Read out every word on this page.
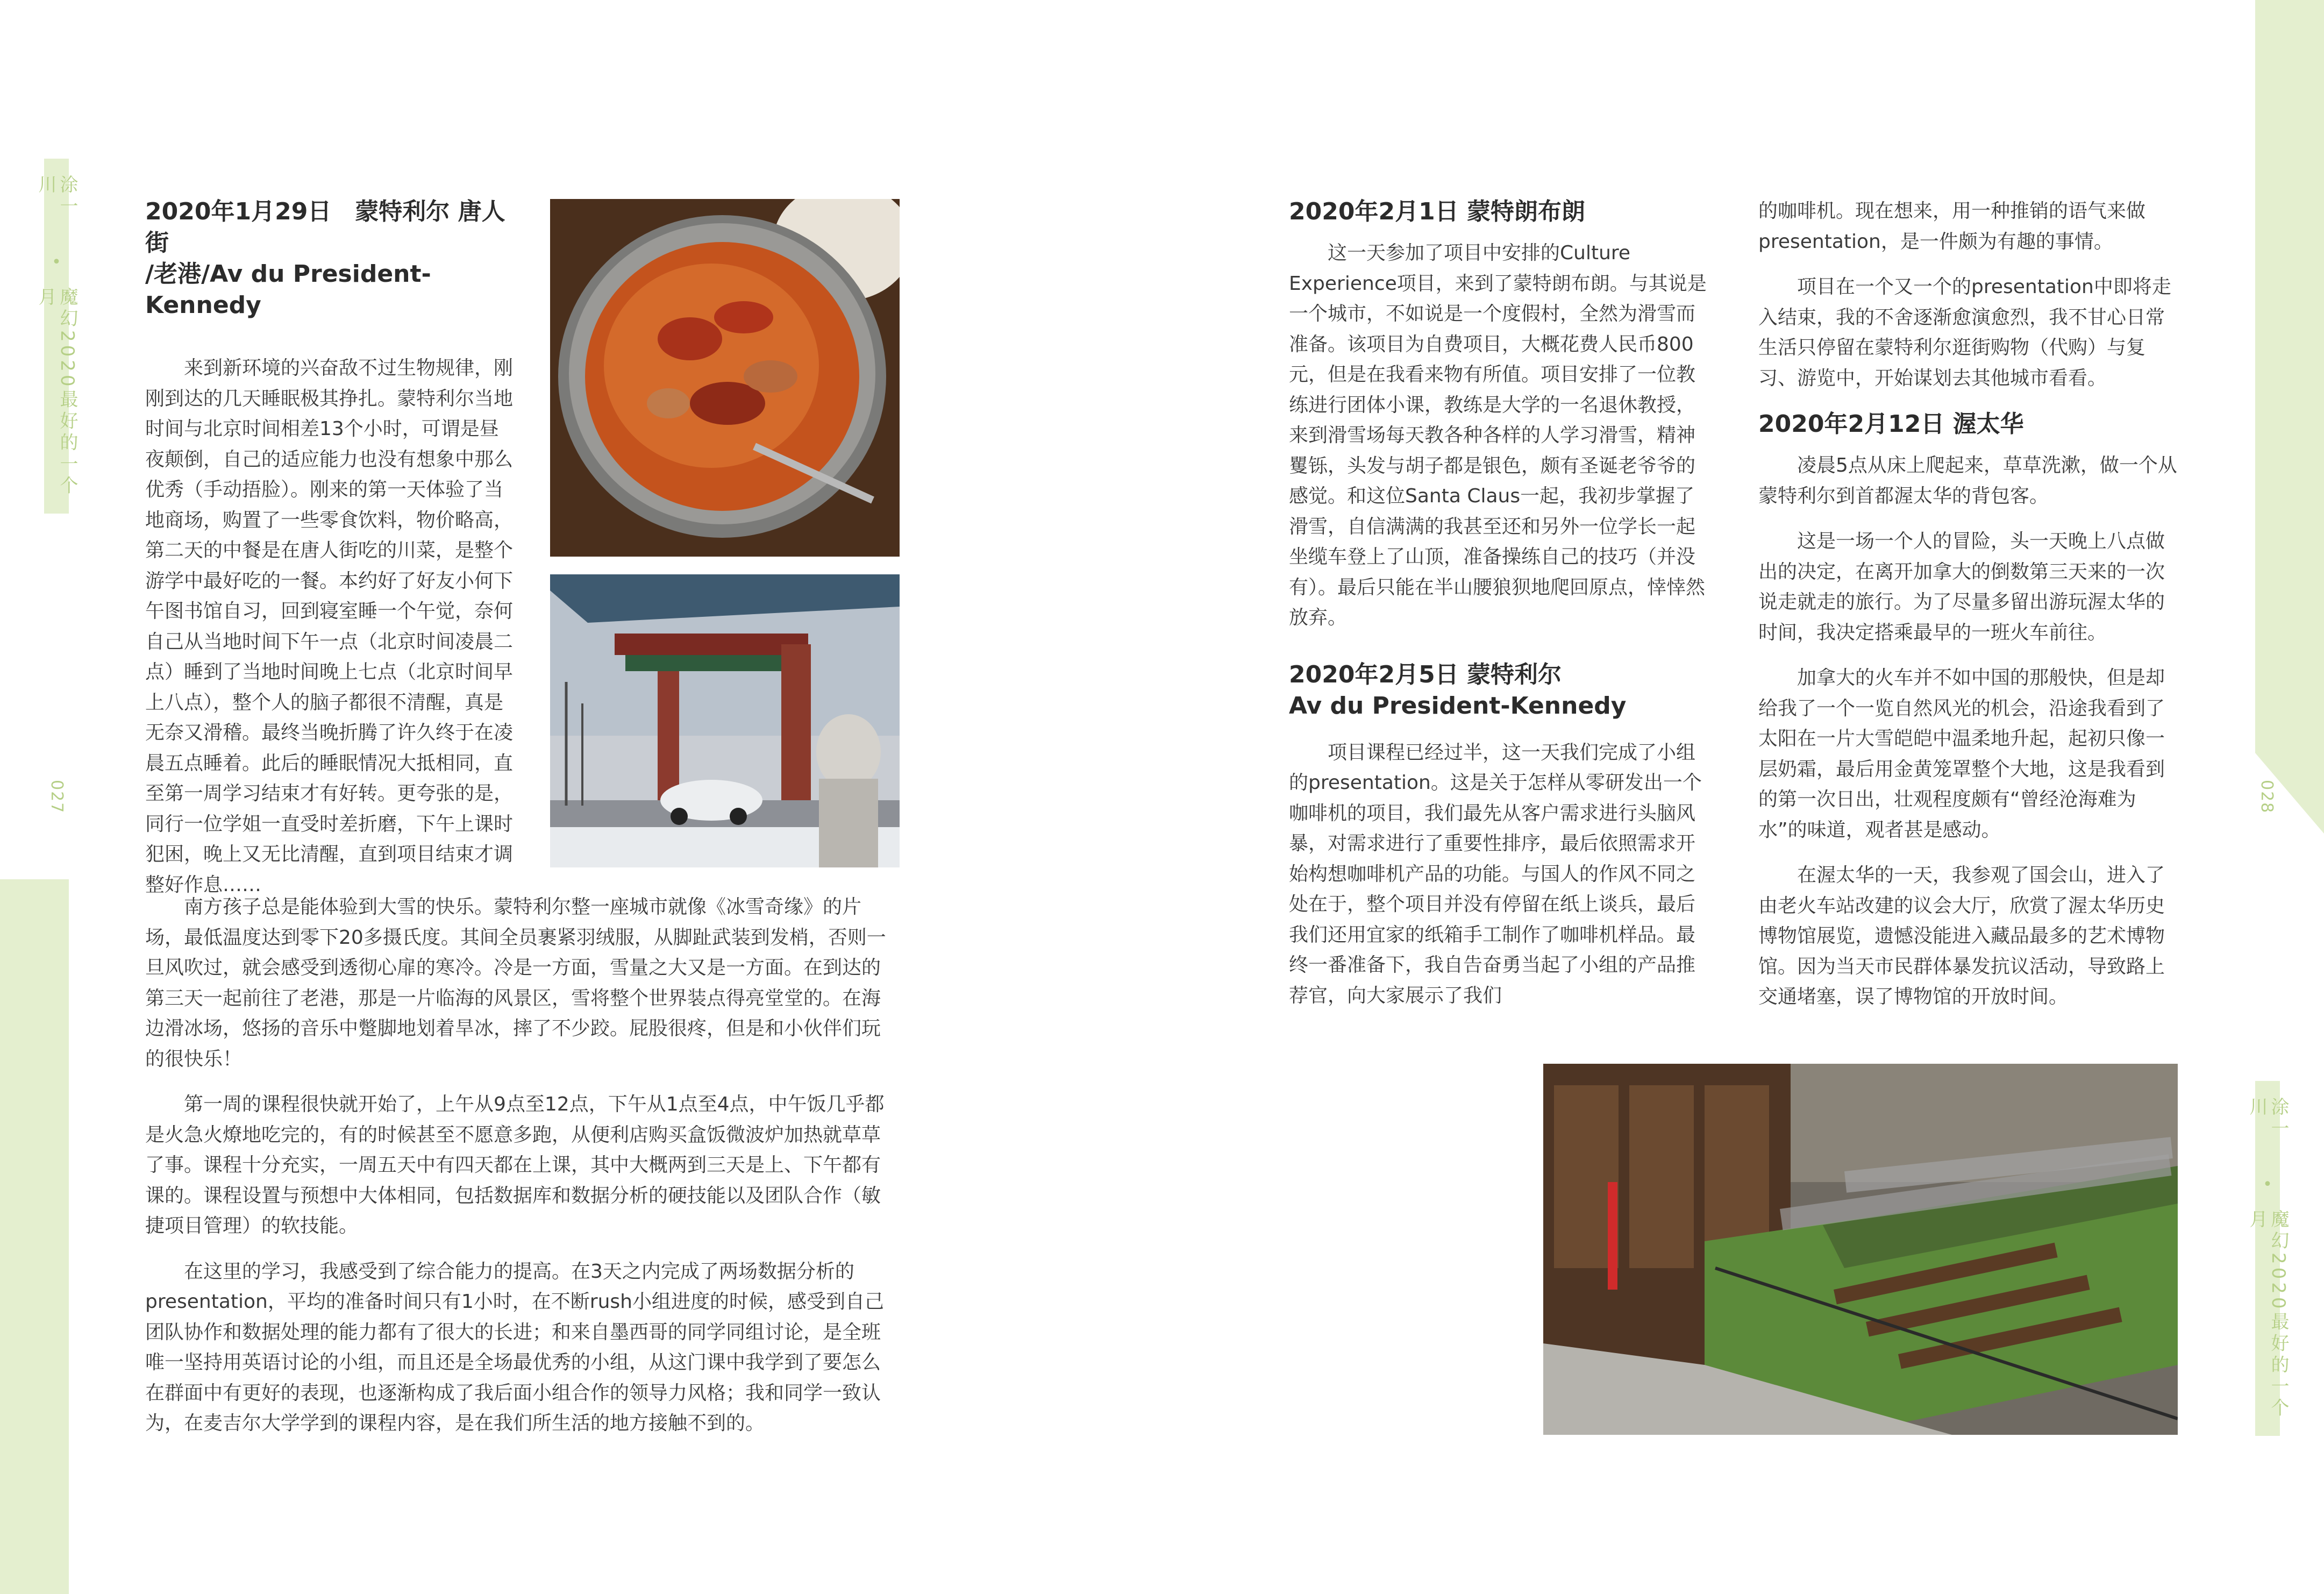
涂一川
•
魔幻2020最好的一个月
027
涂一川
•
魔幻2020最好的一个月
028
2020年1月29日　蒙特利尔 唐人街
/老港/Av du President-Kennedy

来到新环境的兴奋敌不过生物规律，刚刚到达的几天睡眠极其挣扎。蒙特利尔当地时间与北京时间相差13个小时，可谓是昼夜颠倒，自己的适应能力也没有想象中那么优秀（手动捂脸）。刚来的第一天体验了当地商场，购置了一些零食饮料，物价略高，第二天的中餐是在唐人街吃的川菜，是整个游学中最好吃的一餐。本约好了好友小何下午图书馆自习，回到寝室睡一个午觉，奈何自己从当地时间下午一点（北京时间凌晨二点）睡到了当地时间晚上七点（北京时间早上八点），整个人的脑子都很不清醒，真是无奈又滑稽。最终当晚折腾了许久终于在凌晨五点睡着。此后的睡眠情况大抵相同，直至第一周学习结束才有好转。更夸张的是，同行一位学姐一直受时差折磨，下午上课时犯困，晚上又无比清醒，直到项目结束才调整好作息……

南方孩子总是能体验到大雪的快乐。蒙特利尔整一座城市就像《冰雪奇缘》的片场，最低温度达到零下20多摄氏度。其间全员裹紧羽绒服，从脚趾武装到发梢，否则一旦风吹过，就会感受到透彻心扉的寒冷。冷是一方面，雪量之大又是一方面。在到达的第三天一起前往了老港，那是一片临海的风景区，雪将整个世界装点得亮堂堂的。在海边滑冰场，悠扬的音乐中蹩脚地划着旱冰，摔了不少跤。屁股很疼，但是和小伙伴们玩的很快乐！

第一周的课程很快就开始了，上午从9点至12点，下午从1点至4点，中午饭几乎都是火急火燎地吃完的，有的时候甚至不愿意多跑，从便利店购买盒饭微波炉加热就草草了事。课程十分充实，一周五天中有四天都在上课，其中大概两到三天是上、下午都有课的。课程设置与预想中大体相同，包括数据库和数据分析的硬技能以及团队合作（敏捷项目管理）的软技能。

在这里的学习，我感受到了综合能力的提高。在3天之内完成了两场数据分析的presentation，平均的准备时间只有1小时，在不断rush小组进度的时候，感受到自己团队协作和数据处理的能力都有了很大的长进；和来自墨西哥的同学同组讨论，是全班唯一坚持用英语讨论的小组，而且还是全场最优秀的小组，从这门课中我学到了要怎么在群面中有更好的表现，也逐渐构成了我后面小组合作的领导力风格；我和同学一致认为，在麦吉尔大学学到的课程内容，是在我们所生活的地方接触不到的。

2020年2月1日 蒙特朗布朗

这一天参加了项目中安排的Culture Experience项目，来到了蒙特朗布朗。与其说是一个城市，不如说是一个度假村，全然为滑雪而准备。该项目为自费项目，大概花费人民币800元，但是在我看来物有所值。项目安排了一位教练进行团体小课，教练是大学的一名退休教授，来到滑雪场每天教各种各样的人学习滑雪，精神矍铄，头发与胡子都是银色，颇有圣诞老爷爷的感觉。和这位Santa Claus一起，我初步掌握了滑雪，自信满满的我甚至还和另外一位学长一起坐缆车登上了山顶，准备操练自己的技巧（并没有）。最后只能在半山腰狼狈地爬回原点，悻悻然放弃。

2020年2月5日 蒙特利尔
Av du President-Kennedy

项目课程已经过半，这一天我们完成了小组的presentation。这是关于怎样从零研发出一个咖啡机的项目，我们最先从客户需求进行头脑风暴，对需求进行了重要性排序，最后依照需求开始构想咖啡机产品的功能。与国人的作风不同之处在于，整个项目并没有停留在纸上谈兵，最后我们还用宜家的纸箱手工制作了咖啡机样品。最终一番准备下，我自告奋勇当起了小组的产品推荐官，向大家展示了我们

的咖啡机。现在想来，用一种推销的语气来做presentation，是一件颇为有趣的事情。

项目在一个又一个的presentation中即将走入结束，我的不舍逐渐愈演愈烈，我不甘心日常生活只停留在蒙特利尔逛街购物（代购）与复习、游览中，开始谋划去其他城市看看。

2020年2月12日 渥太华

凌晨5点从床上爬起来，草草洗漱，做一个从蒙特利尔到首都渥太华的背包客。

这是一场一个人的冒险，头一天晚上八点做出的决定，在离开加拿大的倒数第三天来的一次说走就走的旅行。为了尽量多留出游玩渥太华的时间，我决定搭乘最早的一班火车前往。

加拿大的火车并不如中国的那般快，但是却给我了一个一览自然风光的机会，沿途我看到了太阳在一片大雪皑皑中温柔地升起，起初只像一层奶霜，最后用金黄笼罩整个大地，这是我看到的第一次日出，壮观程度颇有“曾经沧海难为水”的味道，观者甚是感动。

在渥太华的一天，我参观了国会山，进入了由老火车站改建的议会大厅，欣赏了渥太华历史博物馆展览，遗憾没能进入藏品最多的艺术博物馆。因为当天市民群体暴发抗议活动，导致路上交通堵塞，误了博物馆的开放时间。
